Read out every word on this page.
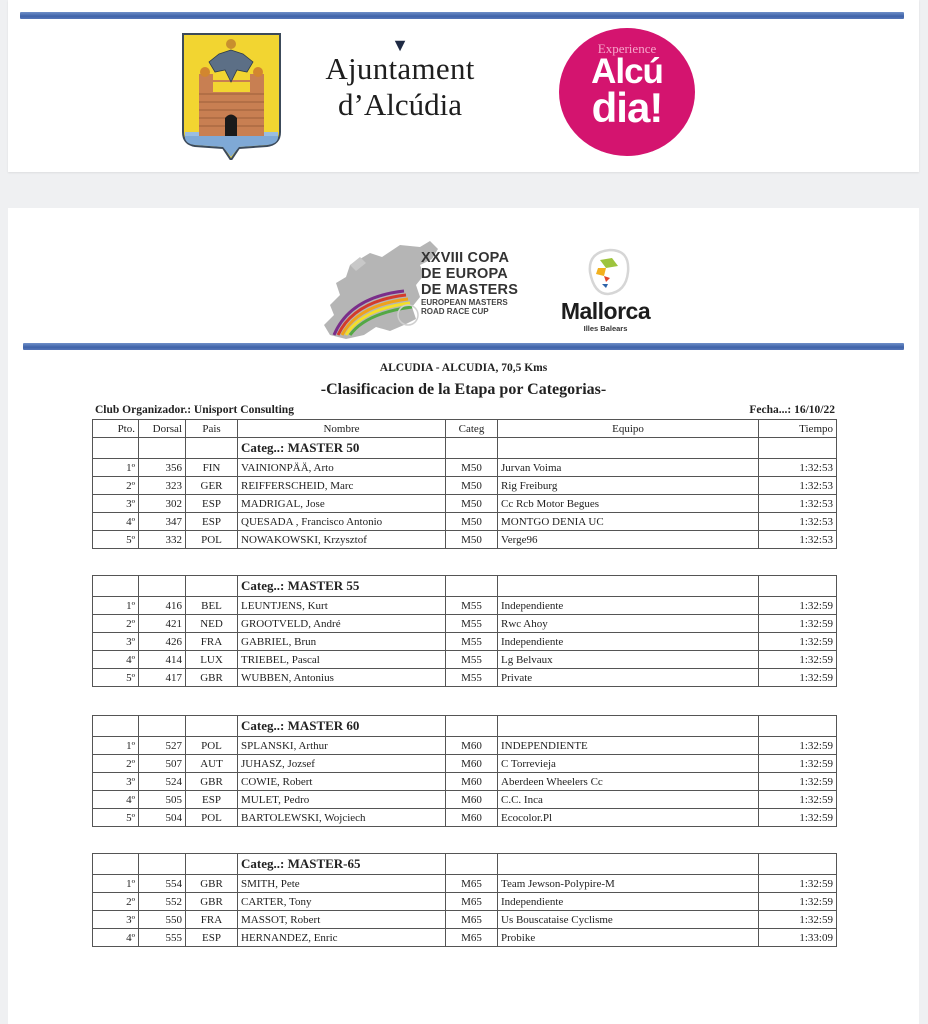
▼
Ajuntament
d’Alcúdia
Experience
Alcú
dia!
XXVIII COPA
DE EUROPA
DE MASTERS
EUROPEAN MASTERS
ROAD RACE CUP	Mallorca
Illes Balears
ALCUDIA - ALCUDIA, 70,5 Kms
-Clasificacion de la Etapa por Categorias-
Club Organizador.: Unisport Consulting	Fecha...: 16/10/22
Pto.	Dorsal	Pais	Nombre	Categ	Equipo	Tiempo
			Categ..: MASTER 50			
1º	356	FIN	VAINIONPÄÄ, Arto	M50	Jurvan Voima	1:32:53
2º	323	GER	REIFFERSCHEID, Marc	M50	Rig Freiburg	1:32:53
3º	302	ESP	MADRIGAL, Jose	M50	Cc Rcb Motor Begues	1:32:53
4º	347	ESP	QUESADA , Francisco Antonio	M50	MONTGO DENIA UC	1:32:53
5º	332	POL	NOWAKOWSKI, Krzysztof	M50	Verge96	1:32:53
			Categ..: MASTER 55			
1º	416	BEL	LEUNTJENS, Kurt	M55	Independiente	1:32:59
2º	421	NED	GROOTVELD, André	M55	Rwc Ahoy	1:32:59
3º	426	FRA	GABRIEL, Brun	M55	Independiente	1:32:59
4º	414	LUX	TRIEBEL, Pascal	M55	Lg Belvaux	1:32:59
5º	417	GBR	WUBBEN, Antonius	M55	Private	1:32:59
			Categ..: MASTER 60			
1º	527	POL	SPLANSKI, Arthur	M60	INDEPENDIENTE	1:32:59
2º	507	AUT	JUHASZ, Jozsef	M60	C Torrevieja	1:32:59
3º	524	GBR	COWIE, Robert	M60	Aberdeen Wheelers Cc	1:32:59
4º	505	ESP	MULET, Pedro	M60	C.C. Inca	1:32:59
5º	504	POL	BARTOLEWSKI, Wojciech	M60	Ecocolor.Pl	1:32:59
			Categ..: MASTER-65			
1º	554	GBR	SMITH, Pete	M65	Team Jewson-Polypire-M	1:32:59
2º	552	GBR	CARTER, Tony	M65	Independiente	1:32:59
3º	550	FRA	MASSOT, Robert	M65	Us Bouscataise Cyclisme	1:32:59
4º	555	ESP	HERNANDEZ, Enric	M65	Probike	1:33:09
